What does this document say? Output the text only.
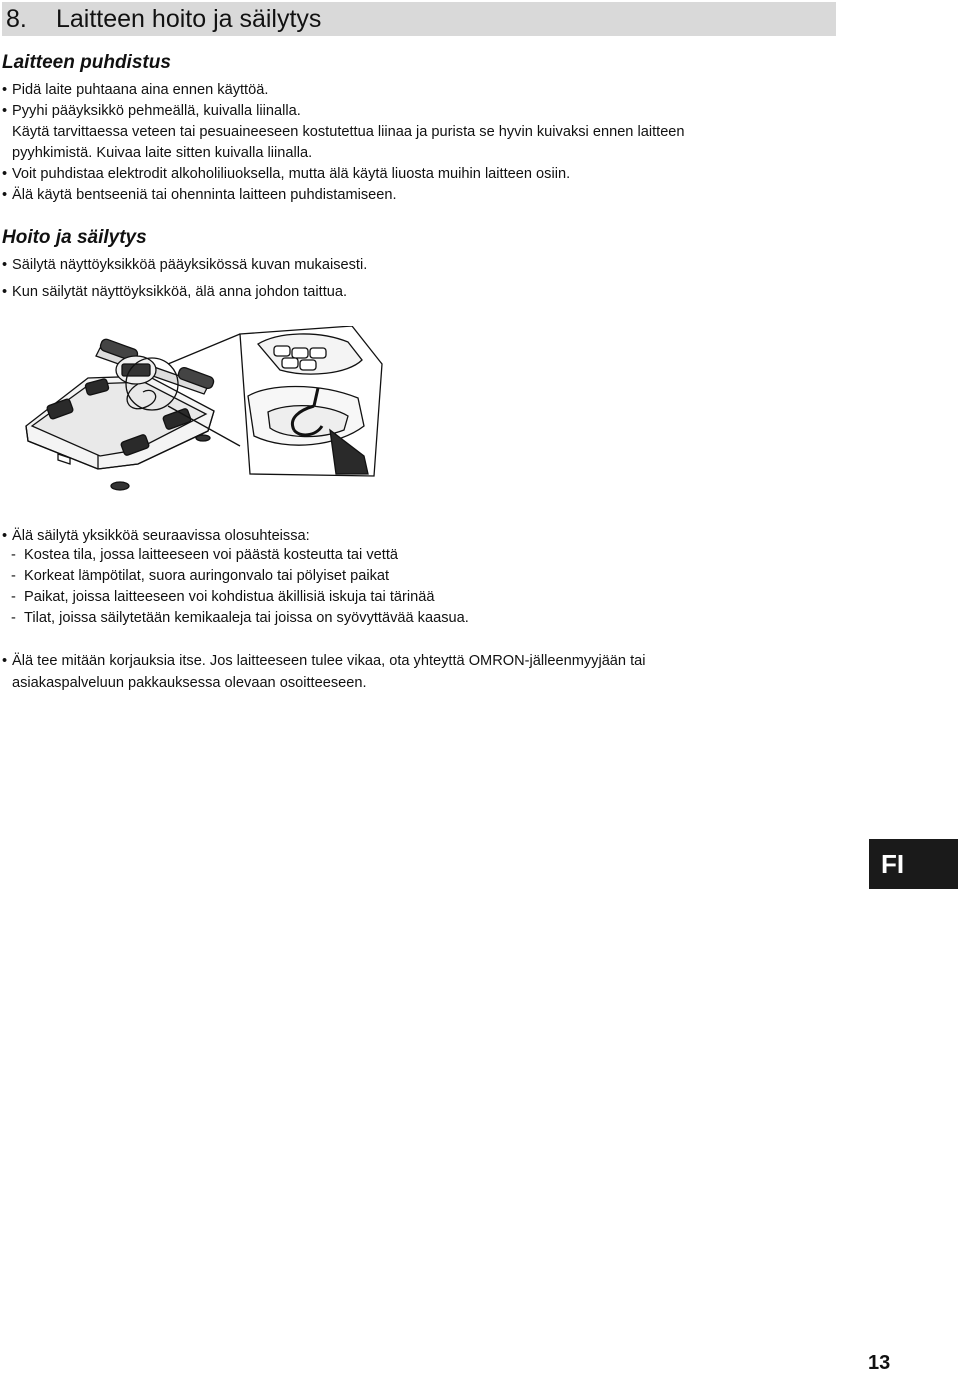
8. Laitteen hoito ja säilytys
Laitteen puhdistus
• Pidä laite puhtaana aina ennen käyttöä.
• Pyyhi pääyksikkö pehmeällä, kuivalla liinalla.
Käytä tarvittaessa veteen tai pesuaineeseen kostutettua liinaa ja purista se hyvin kuivaksi ennen laitteen
pyyhkimistä. Kuivaa laite sitten kuivalla liinalla.
• Voit puhdistaa elektrodit alkoholiliuoksella, mutta älä käytä liuosta muihin laitteen osiin.
• Älä käytä bentseeniä tai ohenninta laitteen puhdistamiseen.
Hoito ja säilytys
• Säilytä näyttöyksikköä pääyksikössä kuvan mukaisesti.
• Kun säilytät näyttöyksikköä, älä anna johdon taittua.
• Älä säilytä yksikköä seuraavissa olosuhteissa:
- Kostea tila, jossa laitteeseen voi päästä kosteutta tai vettä
- Korkeat lämpötilat, suora auringonvalo tai pölyiset paikat
- Paikat, joissa laitteeseen voi kohdistua äkillisiä iskuja tai tärinää
- Tilat, joissa säilytetään kemikaaleja tai joissa on syövyttävää kaasua.
• Älä tee mitään korjauksia itse. Jos laitteeseen tulee vikaa, ota yhteyttä OMRON-jälleenmyyjään tai
asiakaspalveluun pakkauksessa olevaan osoitteeseen.
FI
13
